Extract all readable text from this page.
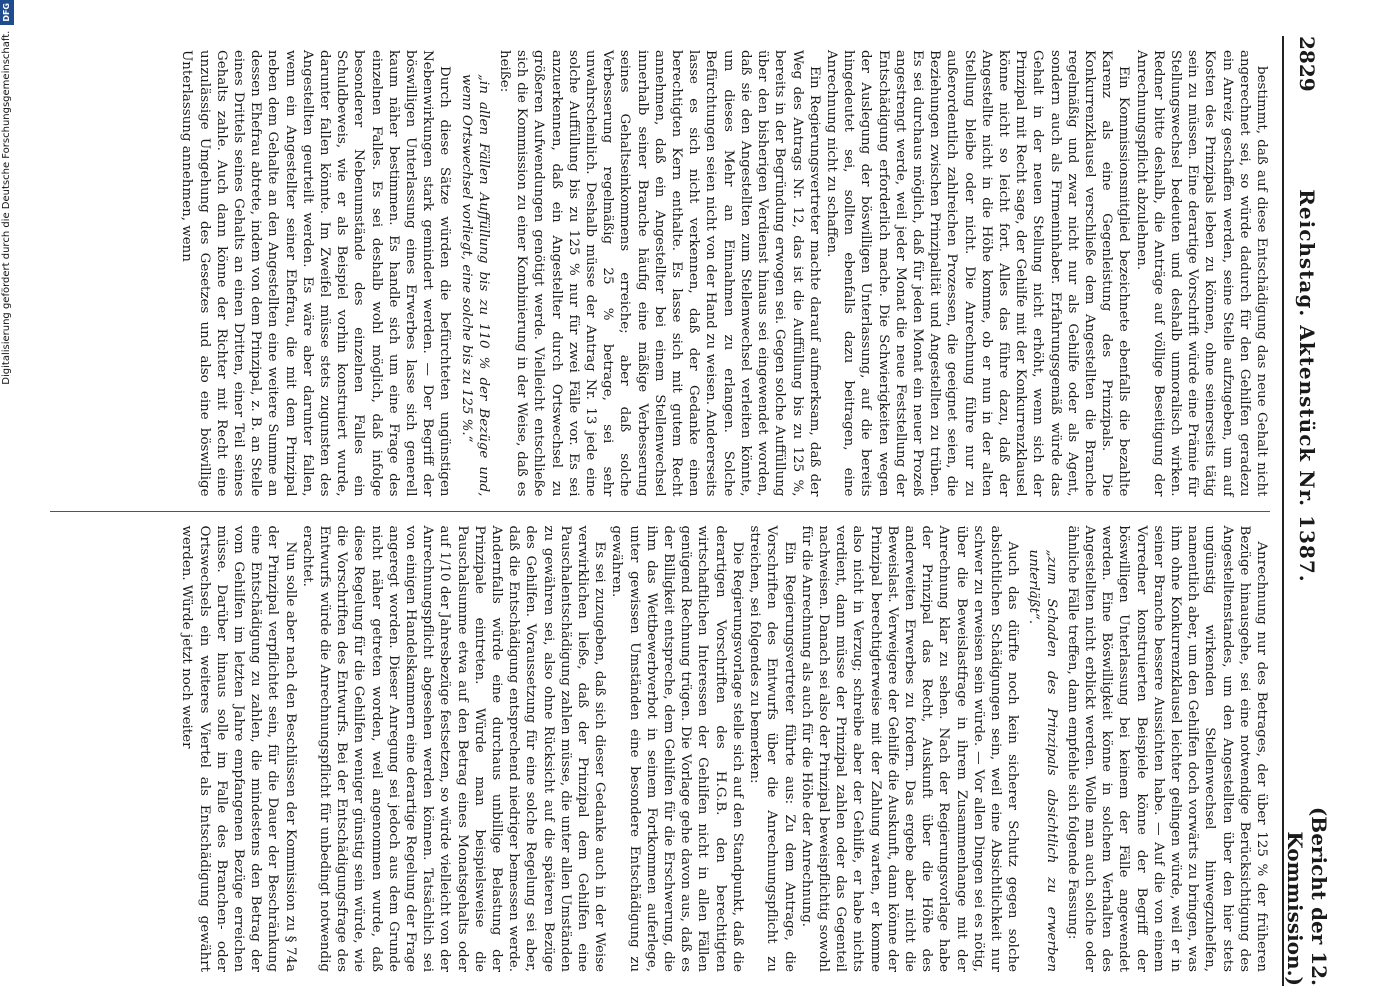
Digitalisierung gefördert durch die Deutsche Forschungsgemeinschaft.DFG
2829
Reichstag. Aktenstück Nr. 1387.
(Bericht der 12. Kommission.)

bestimmt, daß auf diese Entschädigung das neue Gehalt nicht angerechnet sei, so würde dadurch für den Gehilfen geradezu ein Anreiz geschaffen werden, seine Stelle aufzugeben, um auf Kosten des Prinzipals leben zu können, ohne seinerseits tätig sein zu müssen. Eine derartige Vorschrift würde eine Prämie für Stellungswechsel bedeuten und deshalb unmoralisch wirken. Redner bitte deshalb, die Anträge auf völlige Beseitigung der Anrechnungspflicht abzulehnen.

Ein Kommissionsmitglied bezeichnete ebenfalls die bezahlte Karenz als eine Gegenleistung des Prinzipals. Die Konkurrenzklausel verschließe dem Angestellten die Branche regelmäßig und zwar nicht nur als Gehilfe oder als Agent, sondern auch als Firmeninhaber. Erfahrungsgemäß würde das Gehalt in der neuen Stellung nicht erhöht, wenn sich der Prinzipal mit Recht sage, der Gehilfe mit der Konkurrenzklausel könne nicht so leicht fort. Alles das führe dazu, daß der Angestellte nicht in die Höhe komme, ob er nun in der alten Stellung bleibe oder nicht. Die Anrechnung führe nur zu außerordentlich zahlreichen Prozessen, die geeignet seien, die Beziehungen zwischen Prinzipalität und Angestellten zu trüben. Es sei durchaus möglich, daß für jeden Monat ein neuer Prozeß angestrengt werde, weil jeder Monat die neue Feststellung der Entschädigung erforderlich mache. Die Schwierigkeiten wegen der Auslegung der böswilligen Unterlassung, auf die bereits hingedeutet sei, sollten ebenfalls dazu beitragen, eine Anrechnung nicht zu schaffen.

Ein Regierungsvertreter machte darauf aufmerksam, daß der Weg des Antrags Nr. 12, das ist die Auffüllung bis zu 125 %, bereits in der Begründung erwogen sei. Gegen solche Auffüllung über den bisherigen Verdienst hinaus sei eingewendet worden, daß sie den Angestellten zum Stellenwechsel verleiten könnte, um dieses Mehr an Einnahmen zu erlangen. Solche Befürchtungen seien nicht von der Hand zu weisen. Andererseits lasse es sich nicht verkennen, daß der Gedanke einen berechtigten Kern enthalte. Es lasse sich mit gutem Recht annehmen, daß ein Angestellter bei einem Stellenwechsel innerhalb seiner Branche häufig eine mäßige Verbesserung seines Gehaltseinkommens erreiche; aber daß solche Verbesserung regelmäßig 25 % betrage, sei sehr unwahrscheinlich. Deshalb müsse der Antrag Nr. 13 jede eine solche Auffüllung bis zu 125 % nur für zwei Fälle vor. Es sei anzuerkennen, daß ein Angestellter durch Ortswechsel zu größeren Aufwendungen genötigt werde. Vielleicht entschließe sich die Kommission zu einer Kombinierung in der Weise, daß es heiße:

„in allen Fällen Auffüllung bis zu 110 % der Bezüge und, wenn Ortswechsel vorliegt, eine solche bis zu 125 %.“

Durch diese Sätze würden die befürchteten ungünstigen Nebenwirkungen stark gemindert werden. — Der Begriff der böswilligen Unterlassung eines Erwerbes lasse sich generell kaum näher bestimmen. Es handle sich um eine Frage des einzelnen Falles. Es sei deshalb wohl möglich, daß infolge besonderer Nebenumstände des einzelnen Falles ein Schuldbeweis, wie er als Beispiel vorhin konstruiert wurde, darunter fallen könnte. Im Zweifel müsse stets zugunsten des Angestellten geurteilt werden. Es wäre aber darunter fallen, wenn ein Angestellter seiner Ehefrau, die mit dem Prinzipal neben dem Gehalte an den Angestellten eine weitere Summe an dessen Ehefrau abtrete, indem von dem Prinzipal, z. B. an Stelle eines Drittels seines Gehalts an einen Dritten, einer Teil seines Gehalts zahle. Auch dann könne der Richter mit Recht eine unzulässige Umgehung des Gesetzes und also eine böswillige Unterlassung annehmen, wenn

Anrechnung nur des Betrages, der über 125 % der früheren Bezüge hinausgehe, sei eine notwendige Berücksichtigung des Angestelltenstandes, um den Angestellten über den hier stets ungünstig wirkenden Stellenwechsel hinwegzuhelfen, namentlich aber, um den Gehilfen doch vorwärts zu bringen, was ihm ohne Konkurrenzklausel leichter gelingen würde, weil er in seiner Branche bessere Aussichten habe. — Auf die von einem Vorredner konstruierten Beispiele könne der Begriff der böswilligen Unterlassung bei keinem der Fälle angewendet werden. Eine Böswilligkeit könne in solchem Verhalten des Angestellten nicht erblickt werden. Wolle man auch solche oder ähnliche Fälle treffen, dann empfehle sich folgende Fassung:

„zum Schaden des Prinzipals absichtlich zu erwerben unterläßt“.

Auch das dürfte noch kein sicherer Schutz gegen solche absichtlichen Schädigungen sein, weil eine Absichtlichkeit nur schwer zu erweisen sein würde. — Vor allen Dingen sei es nötig, über die Beweislastfrage in ihrem Zusammenhange mit der Anrechnung klar zu sehen. Nach der Regierungsvorlage habe der Prinzipal das Recht, Auskunft über die Höhe des anderweiten Erwerbes zu fordern. Das ergebe aber nicht die Beweislast. Verweigere der Gehilfe die Auskunft, dann könne der Prinzipal berechtigterweise mit der Zahlung warten, er komme also nicht in Verzug; schreibe aber der Gehilfe, er habe nichts verdient, dann müsse der Prinzipal zahlen oder das Gegenteil nachweisen. Danach sei also der Prinzipal beweispflichtig sowohl für die Anrechnung als auch für die Höhe der Anrechnung.

Ein Regierungsvertreter führte aus: Zu dem Antrage, die Vorschriften des Entwurfs über die Anrechnungspflicht zu streichen, sei folgendes zu bemerken:

Die Regierungsvorlage stelle sich auf den Standpunkt, daß die derartigen Vorschriften des H.G.B. den berechtigten wirtschaftlichen Interessen der Gehilfen nicht in allen Fällen genügend Rechnung trügen. Die Vorlage gehe davon aus, daß es der Billigkeit entspreche, dem Gehilfen für die Erschwerung, die ihm das Wettbewerbverbot in seinem Fortkommen auferlege, unter gewissen Umständen eine besondere Entschädigung zu gewähren.

Es sei zuzugeben, daß sich dieser Gedanke auch in der Weise verwirklichen ließe, daß der Prinzipal dem Gehilfen eine Pauschalentschädigung zahlen müsse, die unter allen Umständen zu gewähren sei, also ohne Rücksicht auf die späteren Bezüge des Gehilfen. Voraussetzung für eine solche Regelung sei aber, daß die Entschädigung entsprechend niedriger bemessen werde. Andernfalls würde eine durchaus unbillige Belastung der Prinzipale eintreten. Würde man beispielsweise die Pauschalsumme etwa auf den Betrag eines Monatsgehalts oder auf 1/10 der Jahresbezüge festsetzen, so würde vielleicht von der Anrechnungspflicht abgesehen werden können. Tatsächlich sei von einigen Handelskammern eine derartige Regelung der Frage angeregt worden. Dieser Anregung sei jedoch aus dem Grunde nicht näher getreten worden, weil angenommen wurde, daß diese Regelung für die Gehilfen weniger günstig sein würde, wie die Vorschriften des Entwurfs. Bei der Entschädigungsfrage des Entwurfs würde die Anrechnungspflicht für unbedingt notwendig erachtet.

Nun solle aber nach den Beschlüssen der Kommission zu § 74a der Prinzipal verpflichtet sein, für die Dauer der Beschränkung eine Entschädigung zu zahlen, die mindestens den Betrag der vom Gehilfen im letzten Jahre empfangenen Bezüge erreichen müsse. Darüber hinaus solle im Falle des Branchen- oder Ortswechsels ein weiteres Viertel als Entschädigung gewährt werden. Würde jetzt noch weiter
